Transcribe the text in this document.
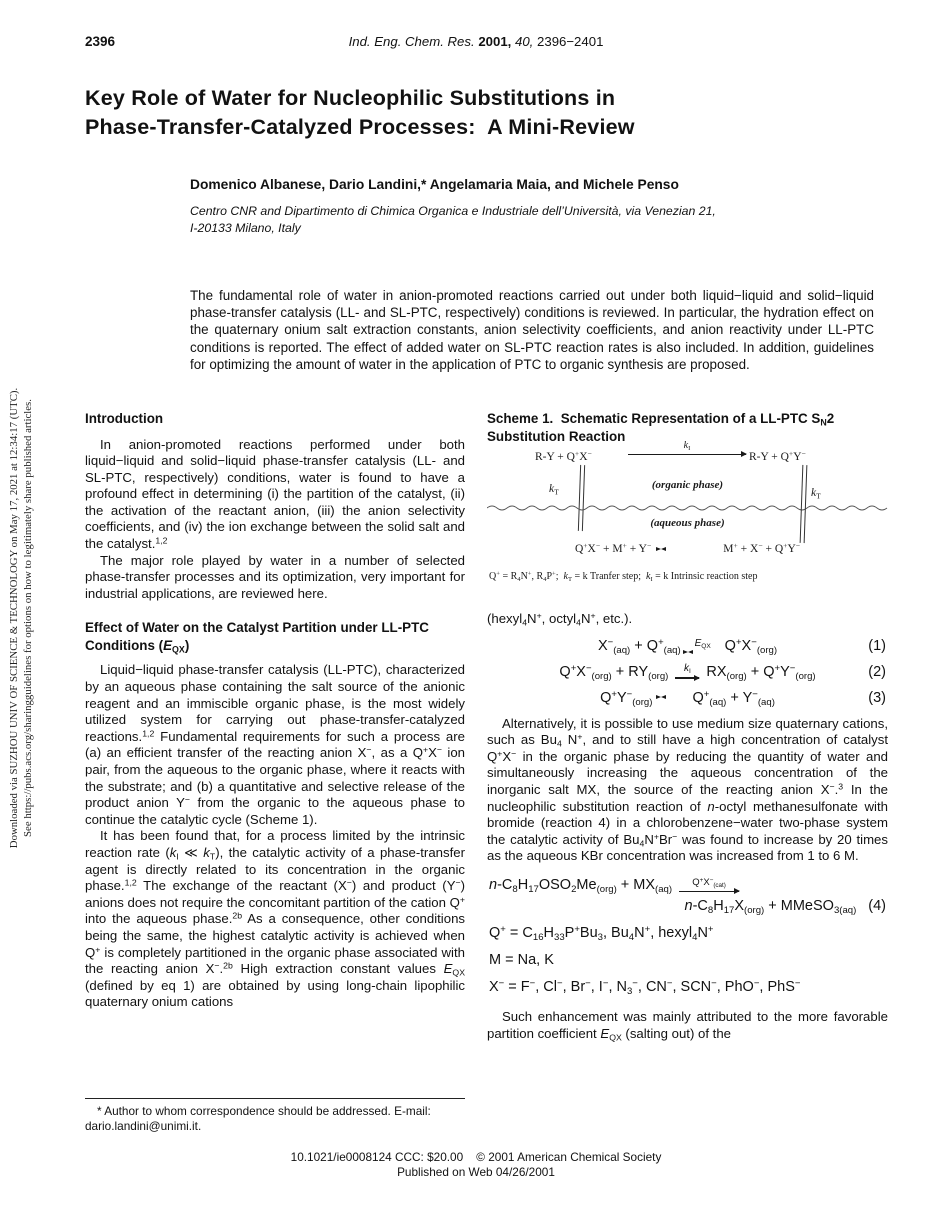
Downloaded via SUZHOU UNIV OF SCIENCE & TECHNOLOGY on May 17, 2021 at 12:34:17 (UTC). See https://pubs.acs.org/sharingguidelines for options on how to legitimately share published articles.
2396	Ind. Eng. Chem. Res. 2001, 40, 2396−2401
Key Role of Water for Nucleophilic Substitutions in
Phase-Transfer-Catalyzed Processes:  A Mini-Review
Domenico Albanese, Dario Landini,* Angelamaria Maia, and Michele Penso
Centro CNR and Dipartimento di Chimica Organica e Industriale dell’Università, via Venezian 21,
I-20133 Milano, Italy
The fundamental role of water in anion-promoted reactions carried out under both liquid−liquid and solid−liquid phase-transfer catalysis (LL- and SL-PTC, respectively) conditions is reviewed. In particular, the hydration effect on the quaternary onium salt extraction constants, anion selectivity coefficients, and anion reactivity under LL-PTC conditions is reported. The effect of added water on SL-PTC reaction rates is also included. In addition, guidelines for optimizing the amount of water in the application of PTC to organic synthesis are proposed.
Introduction

In anion-promoted reactions performed under both liquid−liquid and solid−liquid phase-transfer catalysis (LL- and SL-PTC, respectively) conditions, water is found to have a profound effect in determining (i) the partition of the catalyst, (ii) the activation of the reactant anion, (iii) the anion selectivity coefficients, and (iv) the ion exchange between the solid salt and the catalyst.$^{1,2}$

The major role played by water in a number of selected phase-transfer processes and its optimization, very important for industrial applications, are reviewed here.

Effect of Water on the Catalyst Partition under LL-PTC Conditions $(E_{QX})$

Liquid−liquid phase-transfer catalysis (LL-PTC), characterized by an aqueous phase containing the salt source of the anionic reagent and an immiscible organic phase, is the most widely utilized system for carrying out phase-transfer-catalyzed reactions.$^{1,2}$ Fundamental requirements for such a process are (a) an efficient transfer of the reacting anion X−, as a Q+X− ion pair, from the aqueous to the organic phase, where it reacts with the substrate; and (b) a quantitative and selective release of the product anion Y− from the organic to the aqueous phase to continue the catalytic cycle (Scheme 1).

It has been found that, for a process limited by the intrinsic reaction rate ($k_I$ ≪ $k_T$), the catalytic activity of a phase-transfer agent is directly related to its concentration in the organic phase.$^{1,2}$ The exchange of the reactant (X−) and product (Y−) anions does not require the concomitant partition of the cation Q+ into the aqueous phase.$^{2b}$ As a consequence, other conditions being the same, the highest catalytic activity is achieved when Q+ is completely partitioned in the organic phase associated with the reacting anion X−.$^{2b}$ High extraction constant values $E_{QX}$ (defined by eq 1) are obtained by using long-chain lipophilic quaternary onium cations

* Author to whom correspondence should be addressed. E-mail: dario.landini@unimi.it.

Scheme 1.  Schematic Representation of a LL-PTC $S_N2$ Substitution Reaction
R-Y + Q+X−
$k_I$
R-Y + Q+Y−
$k_T$
(organic phase)
(aqueous phase)
$k_T$
Q+X− + M+ + Y−	M+ + X− + Q+Y−
$Q^+ = R_4N^+$, $R_4P^+$;  $k_T = k$ Tranfer step;  $k_I = k$ Intrinsic reaction step

(hexyl$_4$N+, octyl$_4$N+, etc.).

$X^-_{(aq)} + Q^+_{(aq)}$
$E_{QX}$ $Q^+X^-_{(org)}$	(1)
$Q^+X^-_{(org)} + RY_{(org)}$
$k_I$ $RX_{(org)} + Q^+Y^-_{(org)}$	(2)
$Q^+Y^-_{(org)}$	$Q^+_{(aq)} + Y^-_{(aq)}$	(3)

Alternatively, it is possible to use medium size quaternary cations, such as $Bu_4$ N+, and to still have a high concentration of catalyst Q+X− in the organic phase by reducing the quantity of water and simultaneously increasing the aqueous concentration of the inorganic salt MX, the source of the reacting anion X−.$^3$ In the nucleophilic substitution reaction of n-octyl methanesulfonate with bromide (reaction 4) in a chlorobenzene−water two-phase system the catalytic activity of $Bu_4N^+Br^-$ was found to increase by 20 times as the aqueous KBr concentration was increased from 1 to 6 M.

$n-C_8H_{17}OSO_2Me_{(org)} + MX_{(aq)}$
$Q^+X^-_{(cat)}$
$n-C_8H_{17}X_{(org)}$ + MMeSO$_{3(aq)}$ (4)

$Q^+ = C_{16}H_{33}P^+Bu_3$, $Bu_4N^+$, hexyl$_4$N+

M = Na, K

X− = F−, Cl−, Br−, I−, $N_3^-$, CN−, SCN−, PhO−, PhS−

Such enhancement was mainly attributed to the more favorable partition coefficient $E_{QX}$ (salting out) of the

10.1021/ie0008124 CCC: $20.00    © 2001 American Chemical Society
Published on Web 04/26/2001
